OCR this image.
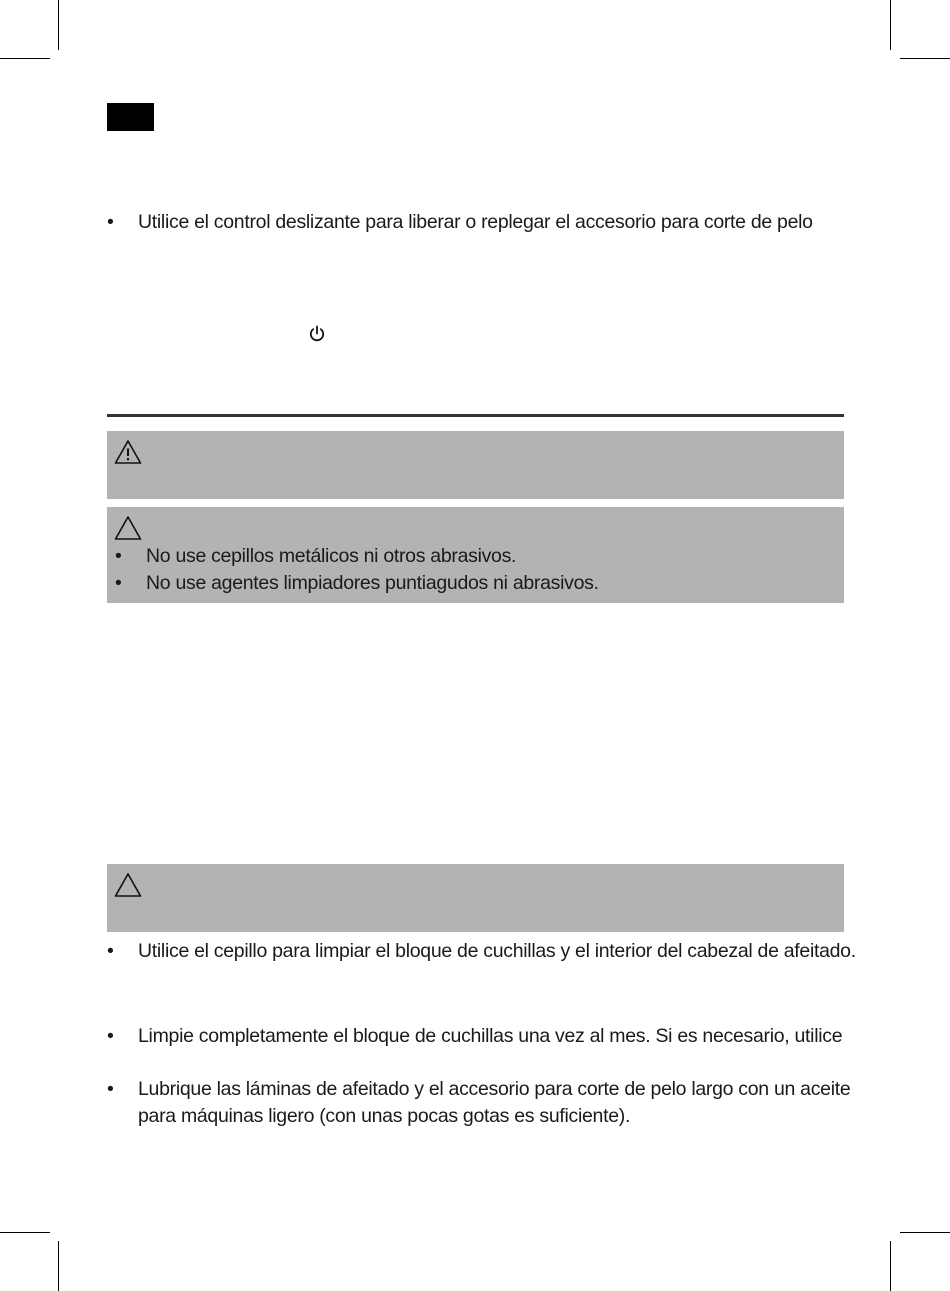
• Utilice el control deslizante para liberar o replegar el accesorio para corte de pelo
• No use cepillos metálicos ni otros abrasivos.
• No use agentes limpiadores puntiagudos ni abrasivos.
• Utilice el cepillo para limpiar el bloque de cuchillas y el interior del cabezal de afeitado.
• Limpie completamente el bloque de cuchillas una vez al mes. Si es necesario, utilice
• Lubrique las láminas de afeitado y el accesorio para corte de pelo largo con un aceite
para máquinas ligero (con unas pocas gotas es suficiente).
